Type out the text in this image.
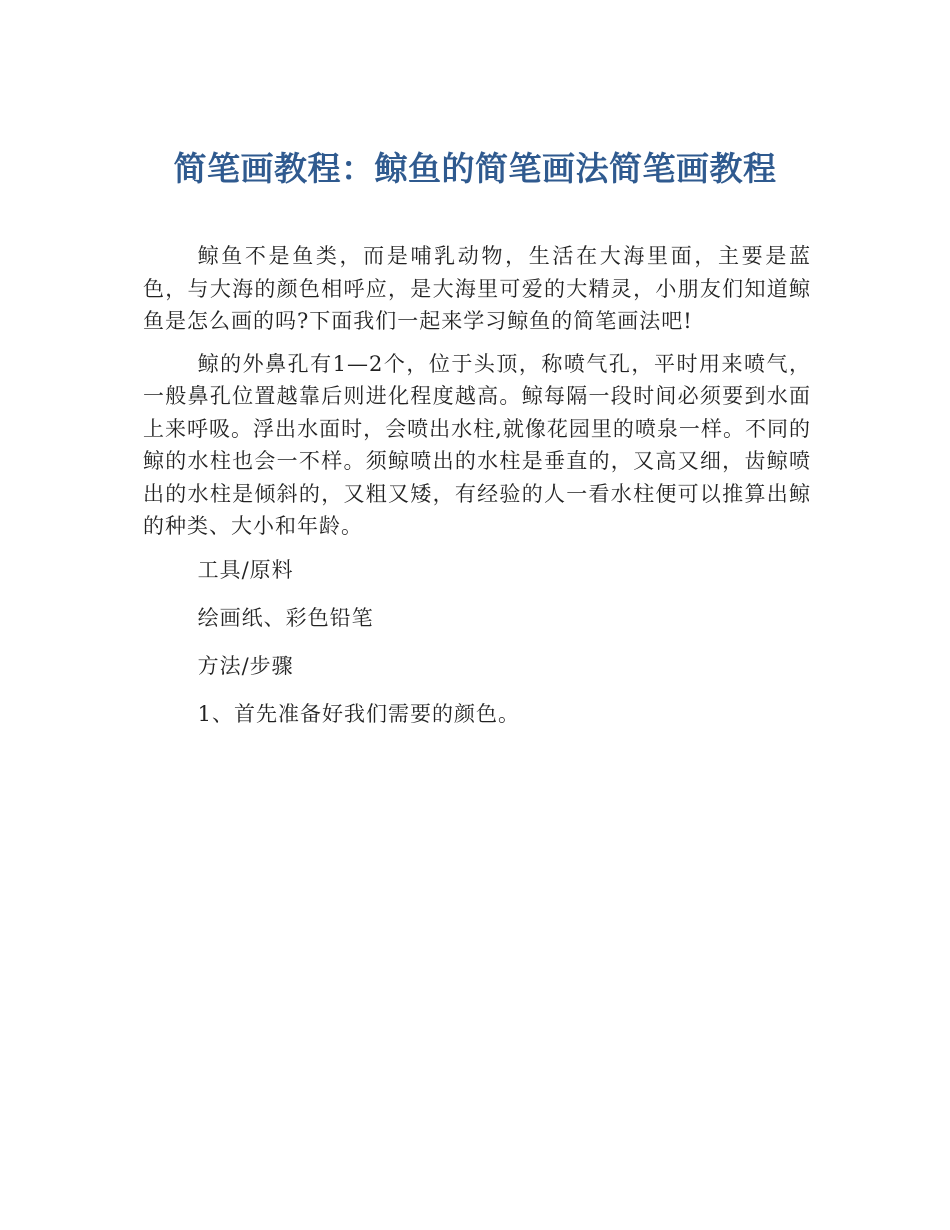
简笔画教程：鲸鱼的简笔画法简笔画教程

鲸鱼不是鱼类，而是哺乳动物，生活在大海里面，主要是蓝色，与大海的颜色相呼应，是大海里可爱的大精灵，小朋友们知道鲸鱼是怎么画的吗?下面我们一起来学习鲸鱼的简笔画法吧!

鲸的外鼻孔有1—2个，位于头顶，称喷气孔，平时用来喷气，一般鼻孔位置越靠后则进化程度越高。鲸每隔一段时间必须要到水面上来呼吸。浮出水面时，会喷出水柱,就像花园里的喷泉一样。不同的鲸的水柱也会一不样。须鲸喷出的水柱是垂直的，又高又细，齿鲸喷出的水柱是倾斜的，又粗又矮，有经验的人一看水柱便可以推算出鲸的种类、大小和年龄。

工具/原料

绘画纸、彩色铅笔

方法/步骤

1、首先准备好我们需要的颜色。
